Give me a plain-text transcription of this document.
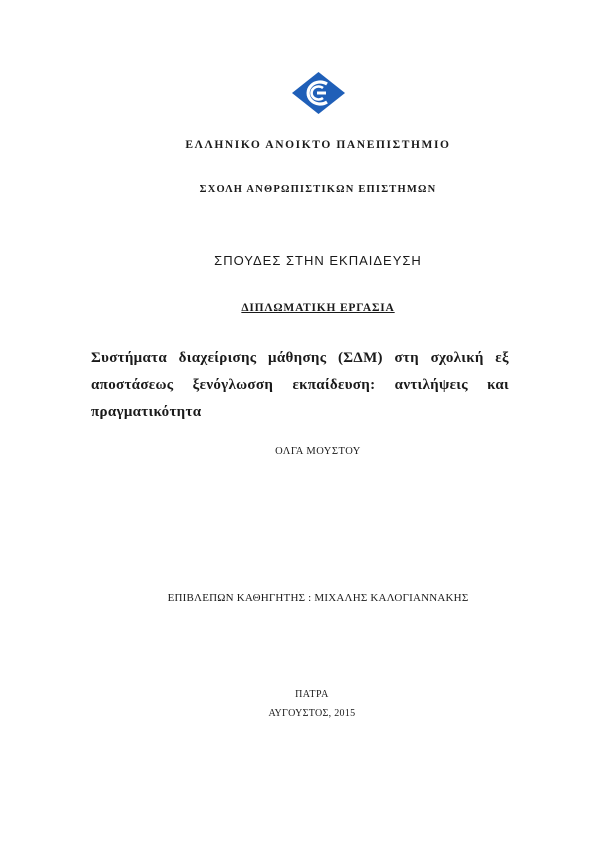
ΕΛΛΗΝΙΚΟ ΑΝΟΙΚΤΟ ΠΑΝΕΠΙΣΤΗΜΙΟ
ΣΧΟΛΗ ΑΝΘΡΩΠΙΣΤΙΚΩΝ ΕΠΙΣΤΗΜΩΝ
ΣΠΟΥΔΕΣ ΣΤΗΝ ΕΚΠΑΙΔΕΥΣΗ
ΔΙΠΛΩΜΑΤΙΚΗ ΕΡΓΑΣΙΑ
Συστήματα διαχείρισης μάθησης (ΣΔΜ) στη σχολική εξ αποστάσεως ξενόγλωσση εκπαίδευση: αντιλήψεις και πραγματικότητα
ΟΛΓΑ ΜΟΥΣΤΟΥ
ΕΠΙΒΛΕΠΩΝ ΚΑΘΗΓΗΤΗΣ : ΜΙΧΑΛΗΣ ΚΑΛΟΓΙΑΝΝΑΚΗΣ
ΠΑΤΡΑ
ΑΥΓΟΥΣΤΟΣ, 2015
